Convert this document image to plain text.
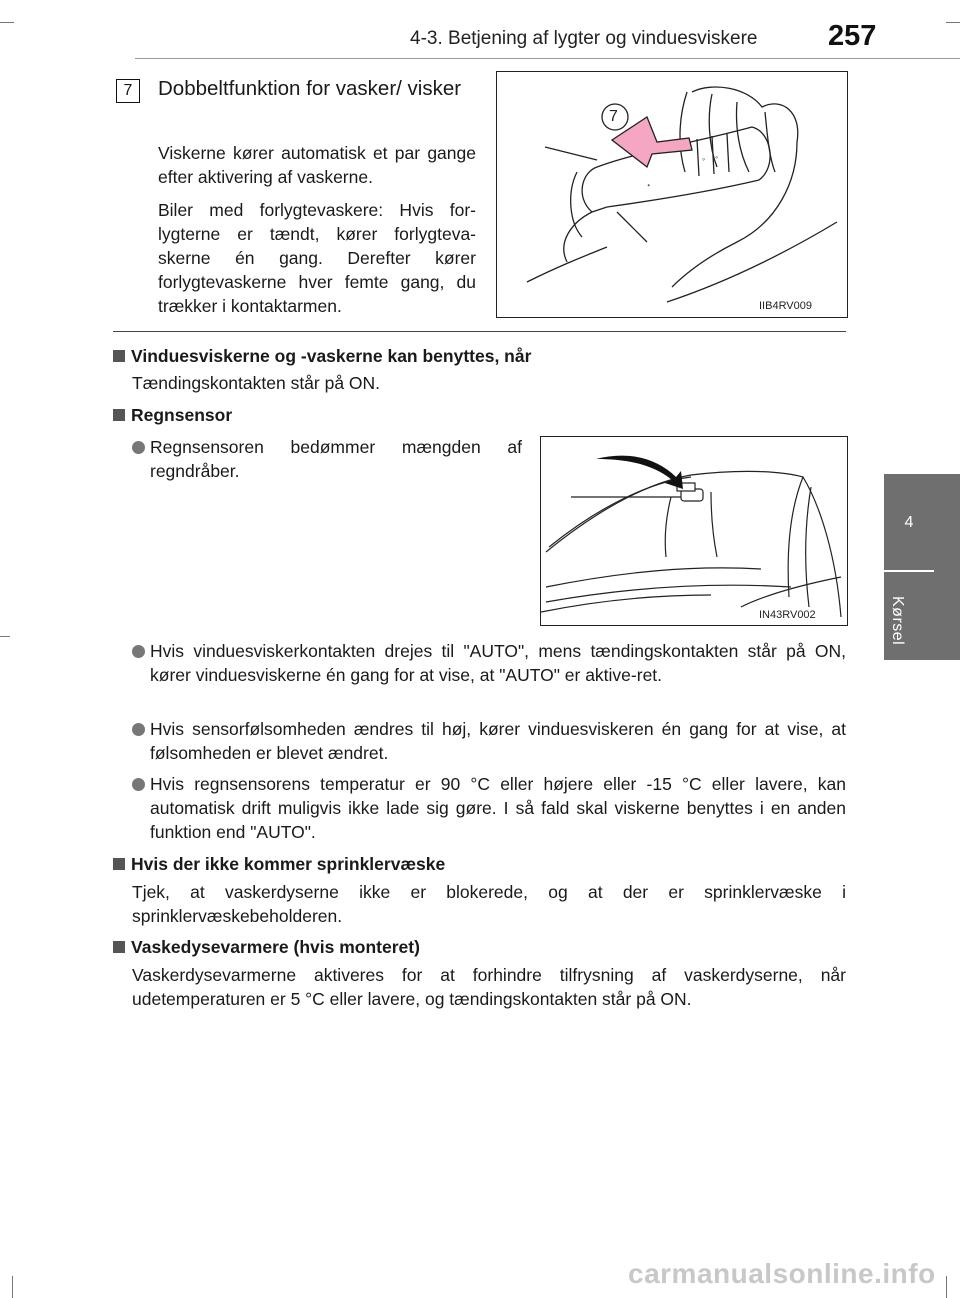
4-3. Betjening af lygter og vinduesviskere 257
4
Kørsel
7	Dobbeltfunktion for vasker/ visker
Viskerne kører automatisk et par gange efter aktivering af vaskerne.
Biler med forlygtevaskere: Hvis for-lygterne er tændt, kører forlygteva-skerne én gang. Derefter kører forlygtevaskerne hver femte gang, du trækker i kontaktarmen.
◦ ◦
ᐩ
7
IIB4RV009
Vinduesviskerne og -vaskerne kan benyttes, når
Tændingskontakten står på ON.
Regnsensor
Regnsensoren bedømmer mængden af regndråber.
IN43RV002
Hvis vinduesviskerkontakten drejes til "AUTO", mens tændingskontakten står på ON, kører vinduesviskerne én gang for at vise, at "AUTO" er aktive-ret.
Hvis sensorfølsomheden ændres til høj, kører vinduesviskeren én gang for at vise, at følsomheden er blevet ændret.
Hvis regnsensorens temperatur er 90 °C eller højere eller -15 °C eller lavere, kan automatisk drift muligvis ikke lade sig gøre. I så fald skal viskerne benyttes i en anden funktion end "AUTO".
Hvis der ikke kommer sprinklervæske
Tjek, at vaskerdyserne ikke er blokerede, og at der er sprinklervæske i sprinklervæskebeholderen.
Vaskedysevarmere (hvis monteret)
Vaskerdysevarmerne aktiveres for at forhindre tilfrysning af vaskerdyserne, når udetemperaturen er 5 °C eller lavere, og tændingskontakten står på ON.
carmanualsonline.info
